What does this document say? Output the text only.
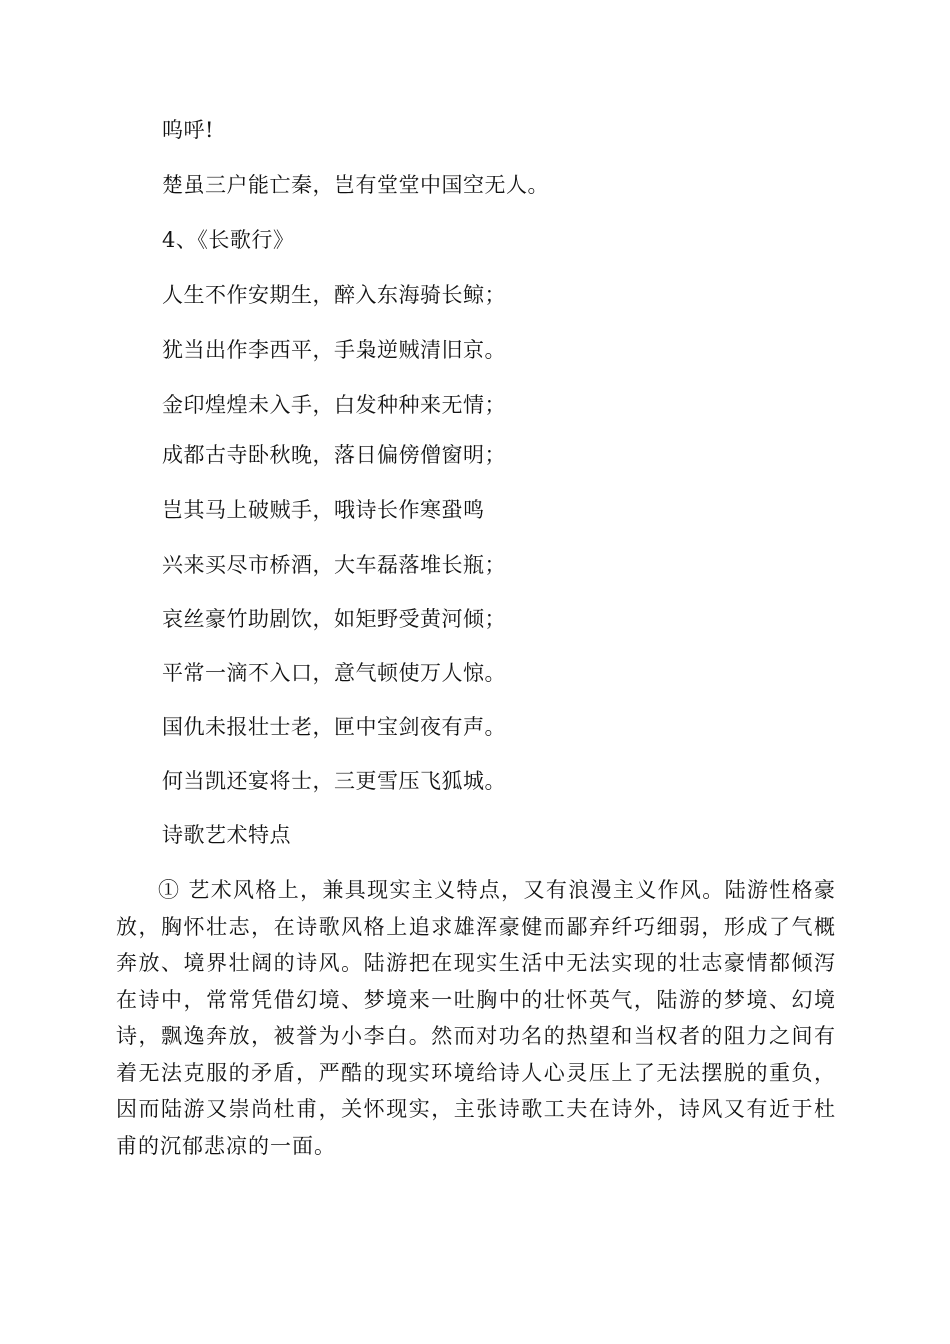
呜呼!
楚虽三户能亡秦，岂有堂堂中国空无人。
4、《长歌行》
人生不作安期生，醉入东海骑长鲸；
犹当出作李西平，手枭逆贼清旧京。
金印煌煌未入手，白发种种来无情；
成都古寺卧秋晚，落日偏傍僧窗明；
岂其马上破贼手，哦诗长作寒蛩鸣
兴来买尽市桥酒，大车磊落堆长瓶；
哀丝豪竹助剧饮，如矩野受黄河倾；
平常一滴不入口，意气顿使万人惊。
国仇未报壮士老，匣中宝剑夜有声。
何当凯还宴将士，三更雪压飞狐城。
诗歌艺术特点
① 艺术风格上，兼具现实主义特点，又有浪漫主义作风。陆游性格豪放，胸怀壮志，在诗歌风格上追求雄浑豪健而鄙弃纤巧细弱，形成了气概奔放、境界壮阔的诗风。陆游把在现实生活中无法实现的壮志豪情都倾泻在诗中，常常凭借幻境、梦境来一吐胸中的壮怀英气，陆游的梦境、幻境诗，飘逸奔放，被誉为小李白。然而对功名的热望和当权者的阻力之间有着无法克服的矛盾，严酷的现实环境给诗人心灵压上了无法摆脱的重负，因而陆游又崇尚杜甫，关怀现实，主张诗歌工夫在诗外，诗风又有近于杜甫的沉郁悲凉的一面。
